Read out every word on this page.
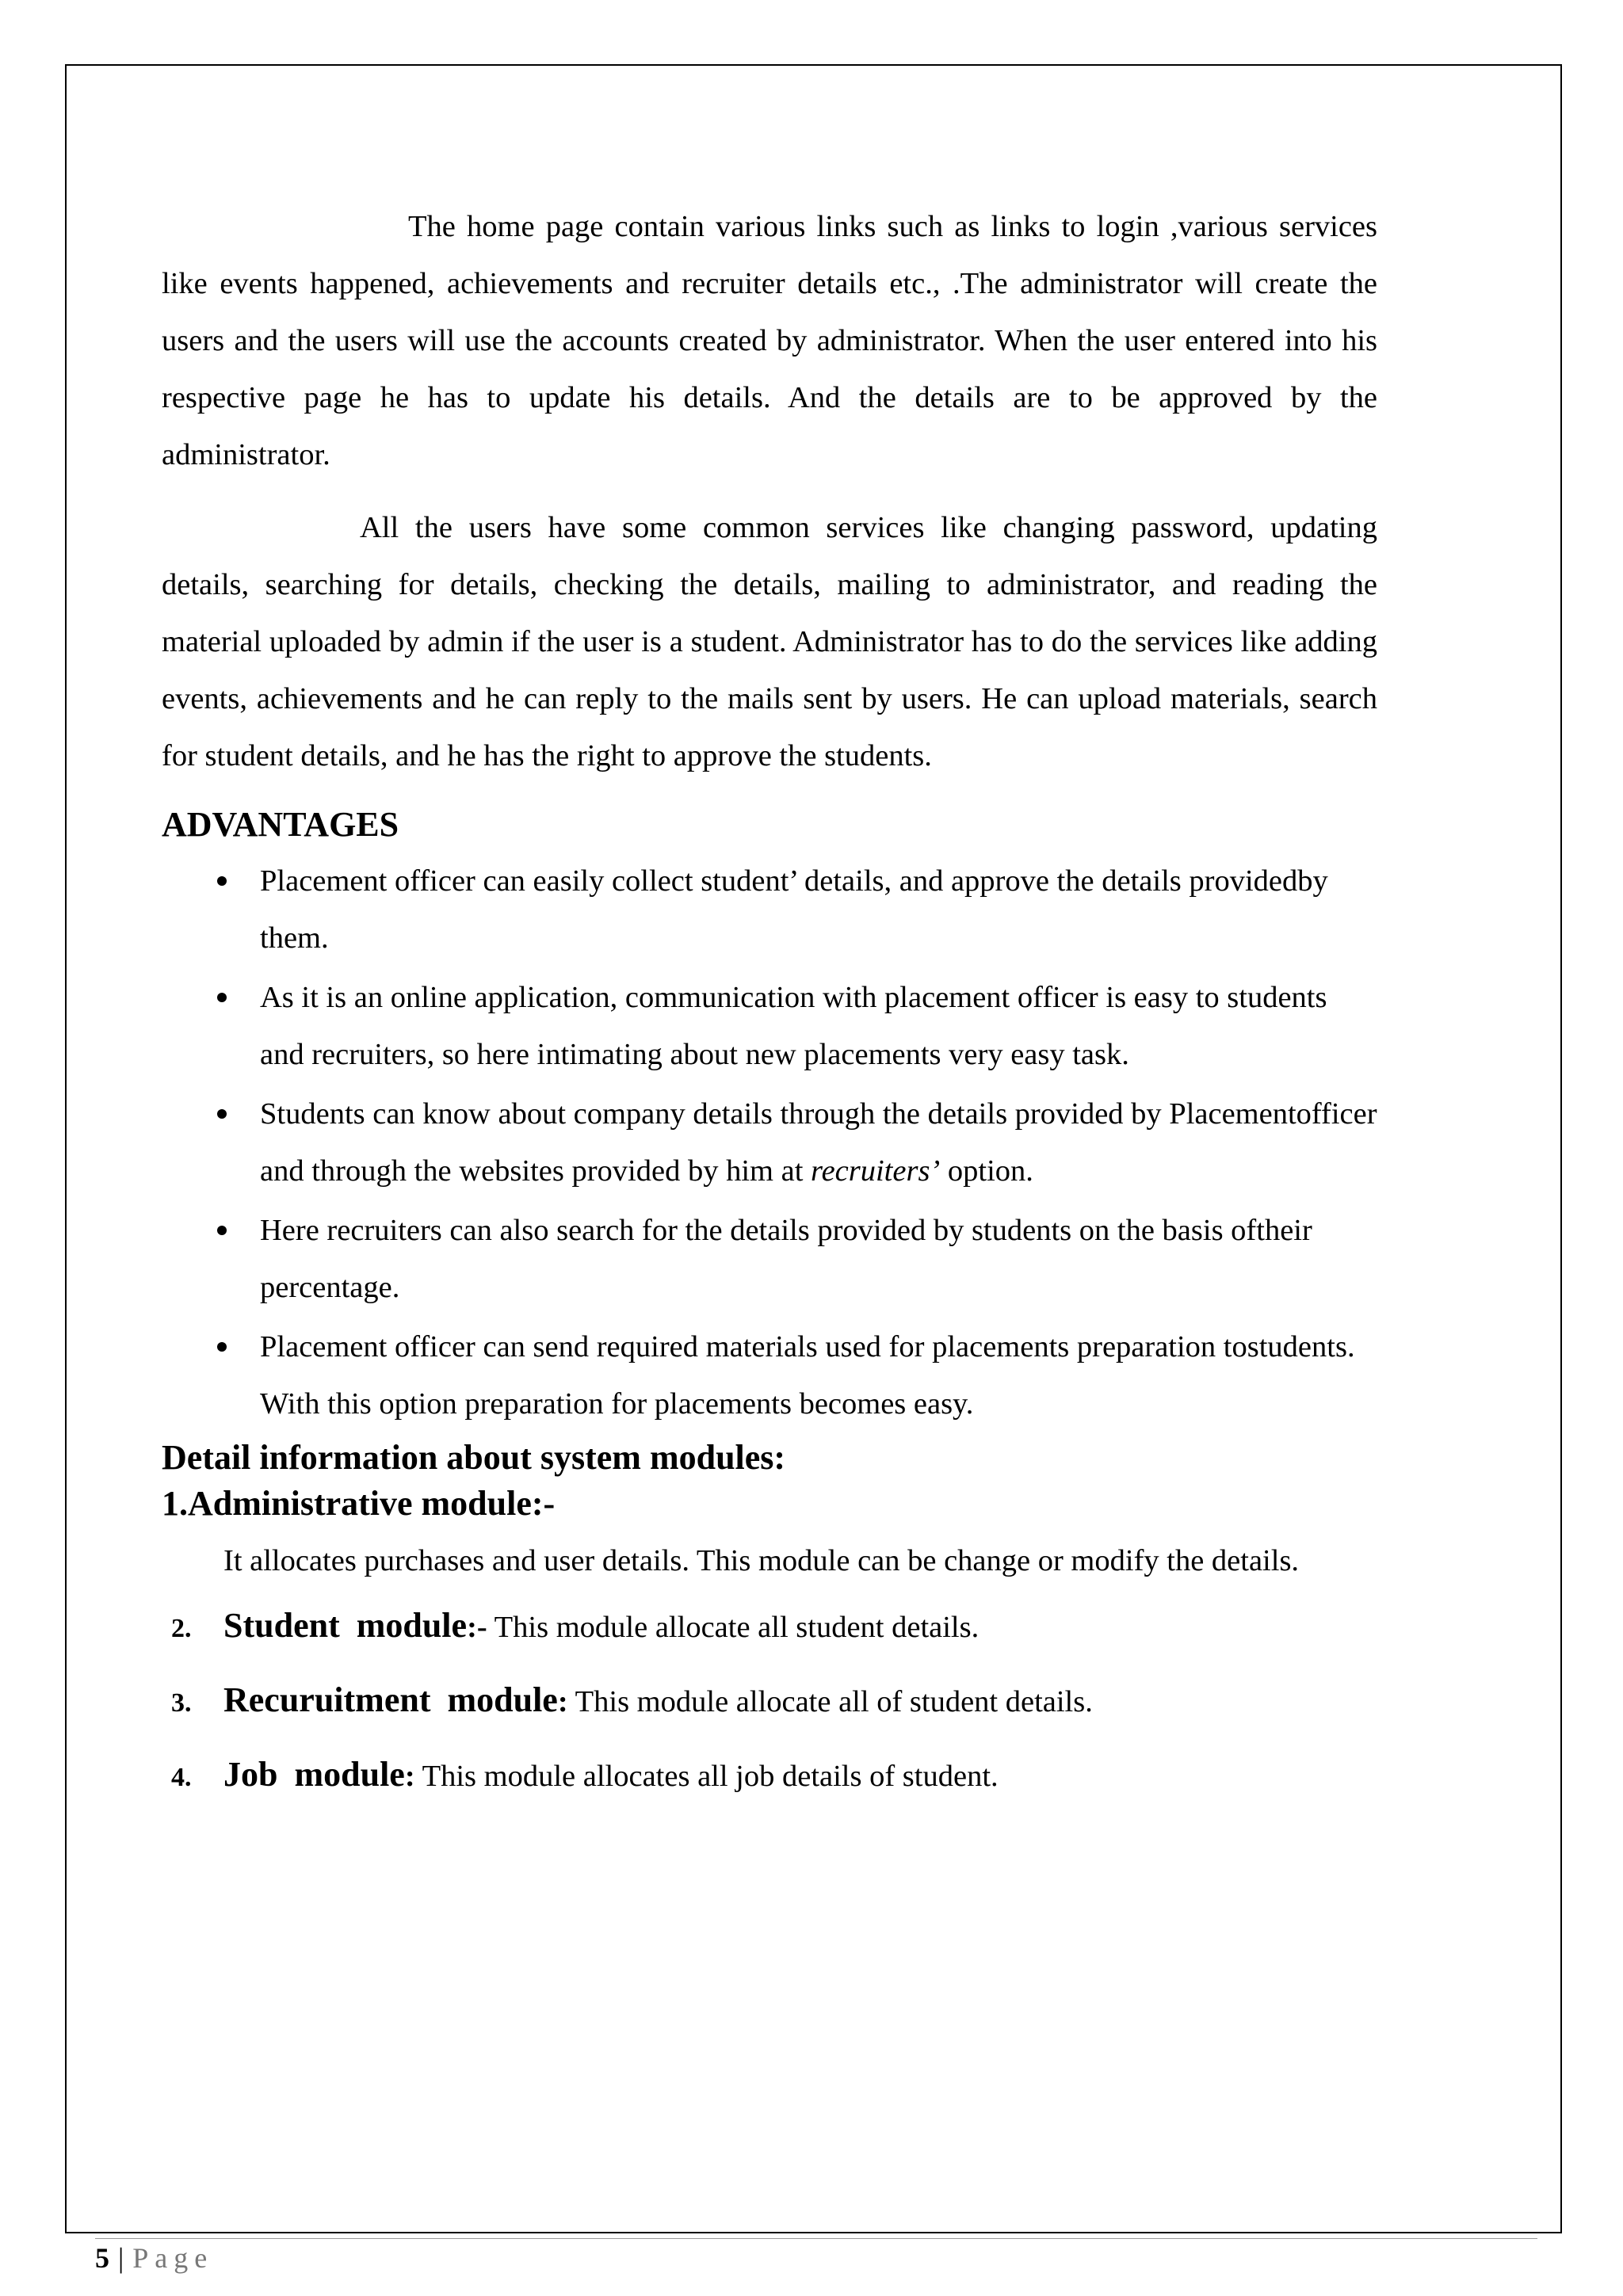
The home page contain various links such as links to login ,various services like events happened, achievements and recruiter details etc., .The administrator will create the users and the users will use the accounts created by administrator. When the user entered into his respective page he has to update his details. And the details are to be approved by the administrator.

All the users have some common services like changing password, updating details, searching for details, checking the details, mailing to administrator, and reading the material uploaded by admin if the user is a student. Administrator has to do the services like adding events, achievements and he can reply to the mails sent by users. He can upload materials, search for student details, and he has the right to approve the students.

ADVANTAGES
Placement officer can easily collect student’ details, and approve the details providedby them.
As it is an online application, communication with placement officer is easy to students and recruiters, so here intimating about new placements very easy task.
Students can know about company details through the details provided by Placementofficer and through the websites provided by him at recruiters’ option.
Here recruiters can also search for the details provided by students on the basis oftheir percentage.
Placement officer can send required materials used for placements preparation tostudents. With this option preparation for placements becomes easy.
Detail information about system modules:
1.Administrative module:-

It allocates purchases and user details. This module can be change or modify the details.

2. Student module:- This module allocate all student details.
3. Recuruitment module: This module allocate all of student details.
4. Job module: This module allocates all job details of student.
5 | Page
